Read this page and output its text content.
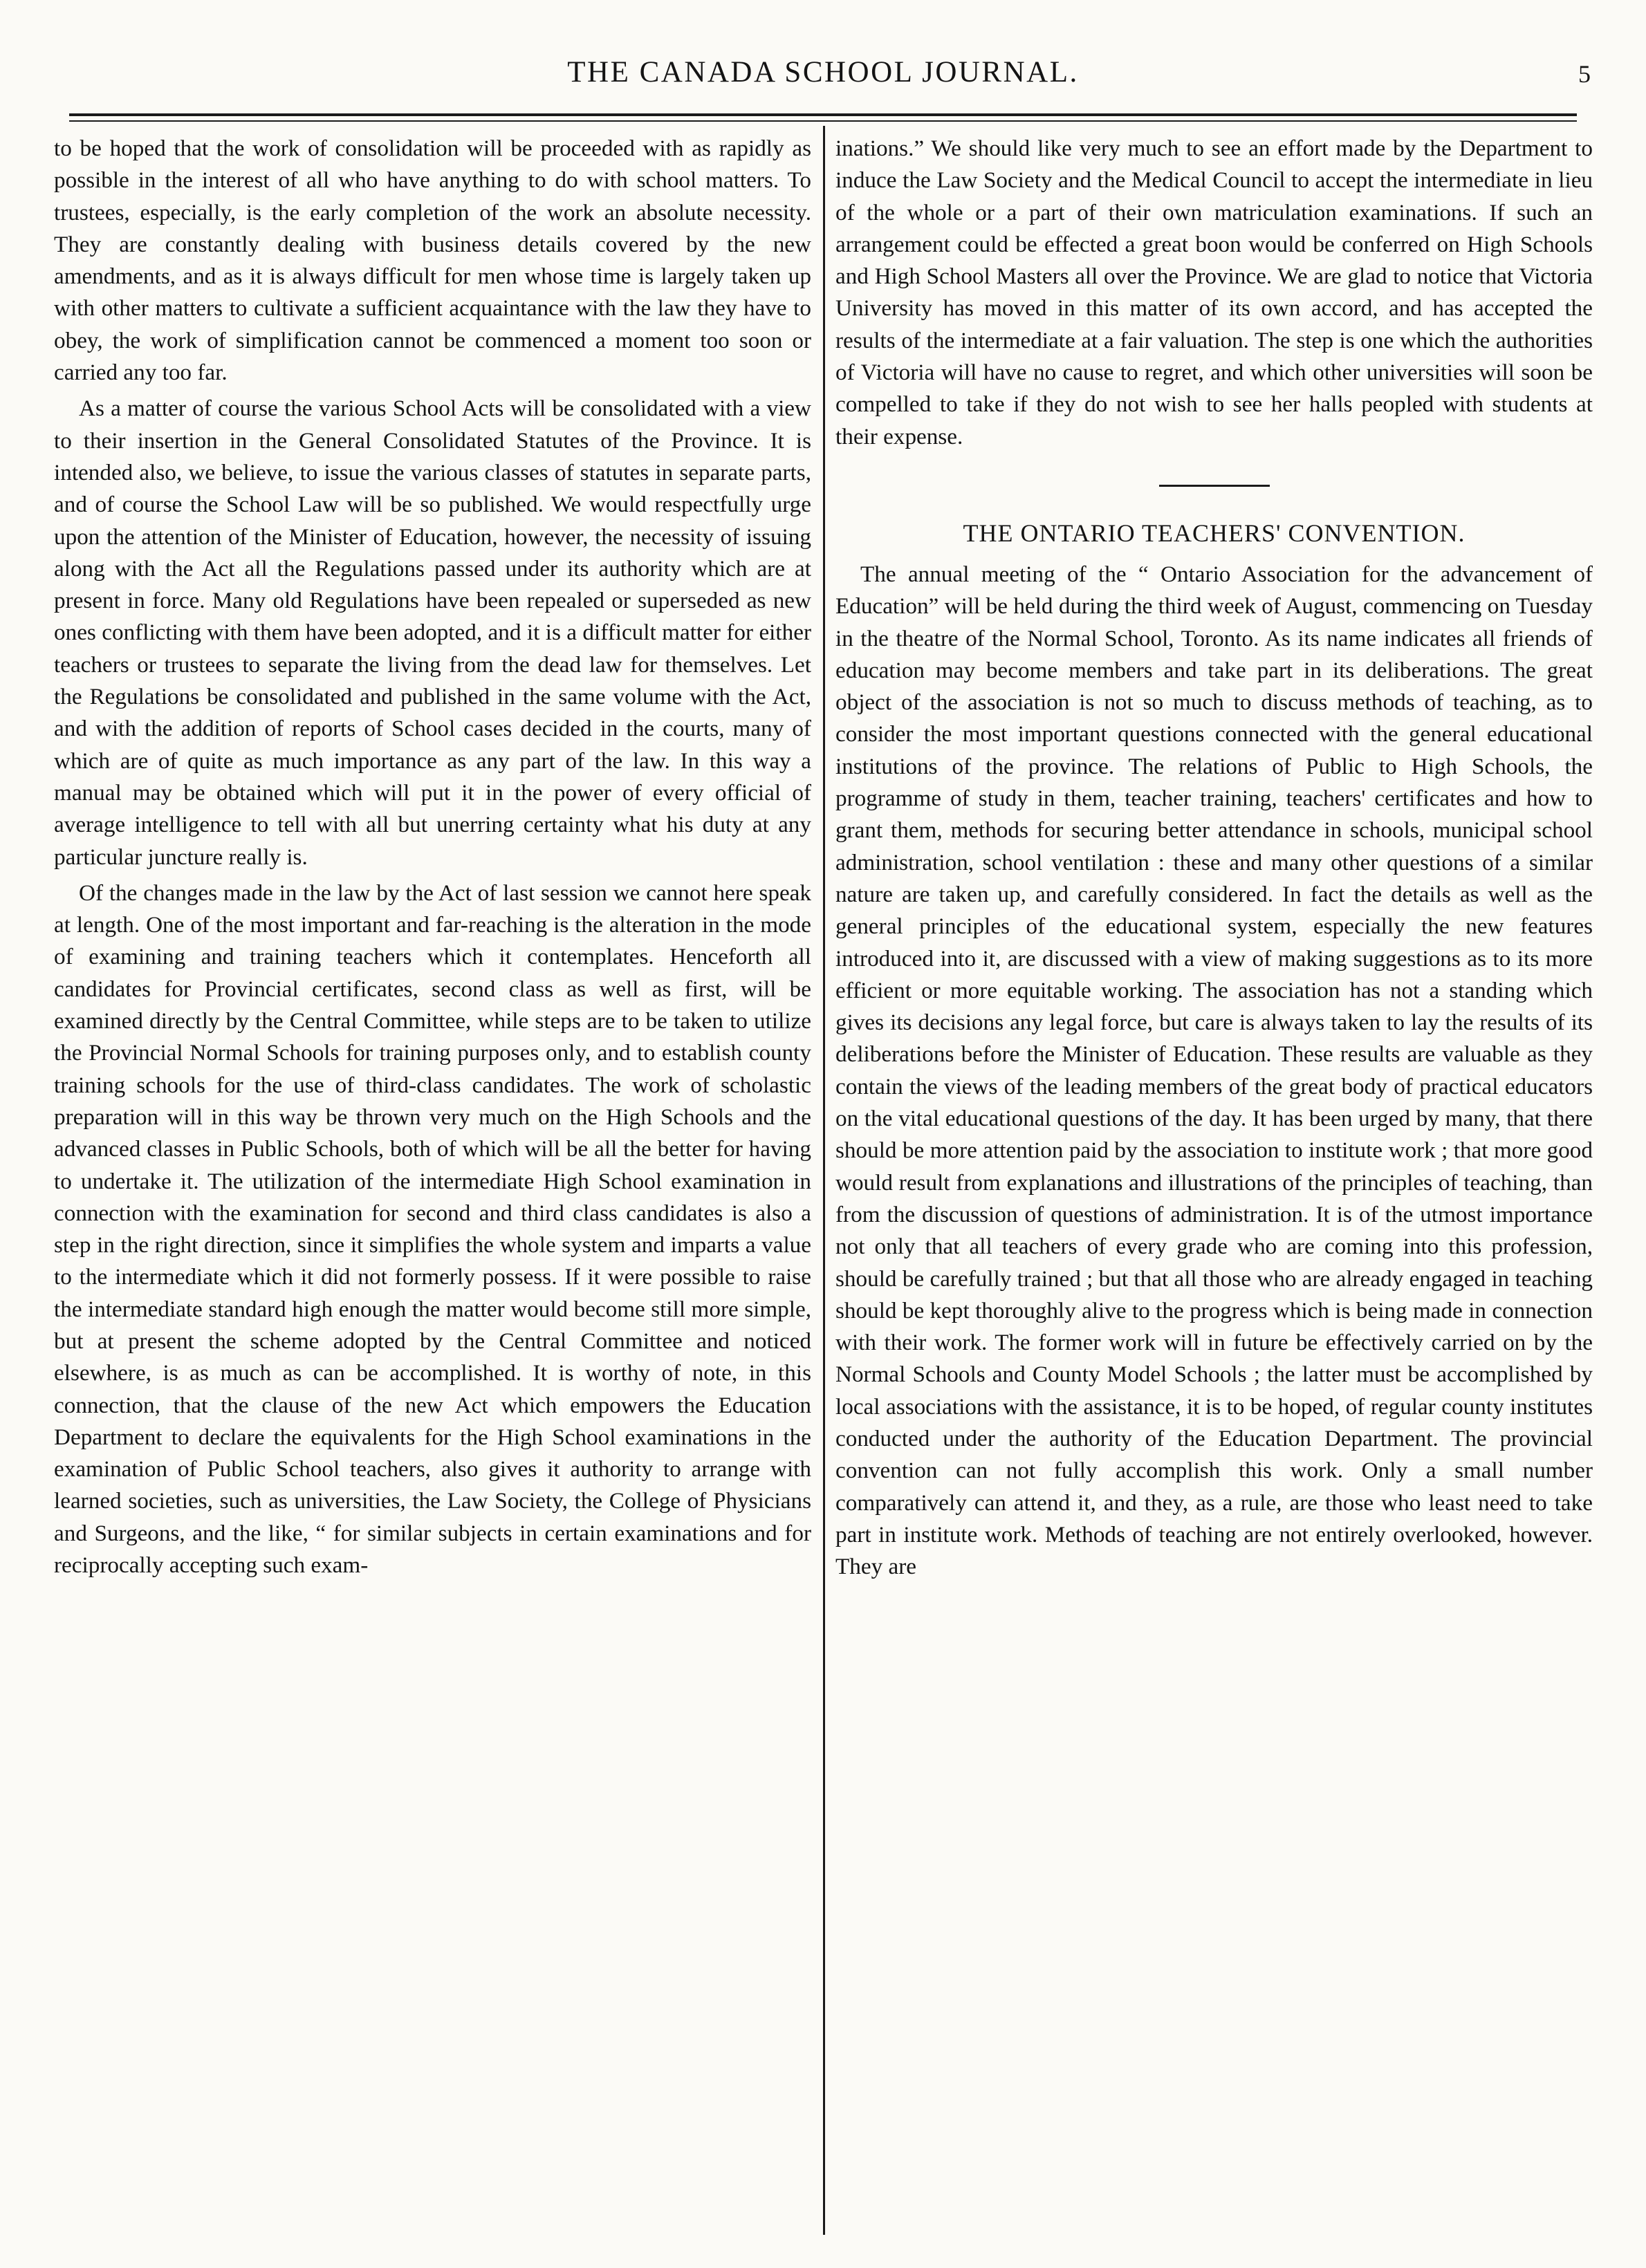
THE CANADA SCHOOL JOURNAL.	5

to be hoped that the work of consolidation will be proceeded with as rapidly as possible in the interest of all who have anything to do with school matters. To trustees, especially, is the early completion of the work an absolute necessity. They are constantly dealing with business details covered by the new amendments, and as it is always difficult for men whose time is largely taken up with other matters to cultivate a sufficient acquaintance with the law they have to obey, the work of simplification cannot be commenced a moment too soon or carried any too far.

As a matter of course the various School Acts will be consolidated with a view to their insertion in the General Consolidated Statutes of the Province. It is intended also, we believe, to issue the various classes of statutes in separate parts, and of course the School Law will be so published. We would respectfully urge upon the attention of the Minister of Education, however, the necessity of issuing along with the Act all the Regulations passed under its authority which are at present in force. Many old Regulations have been repealed or superseded as new ones conflicting with them have been adopted, and it is a difficult matter for either teachers or trustees to separate the living from the dead law for themselves. Let the Regulations be consolidated and published in the same volume with the Act, and with the addition of reports of School cases decided in the courts, many of which are of quite as much importance as any part of the law. In this way a manual may be obtained which will put it in the power of every official of average intelligence to tell with all but unerring certainty what his duty at any particular juncture really is.

Of the changes made in the law by the Act of last session we cannot here speak at length. One of the most important and far-reaching is the alteration in the mode of examining and training teachers which it contemplates. Henceforth all candidates for Provincial certificates, second class as well as first, will be examined directly by the Central Committee, while steps are to be taken to utilize the Provincial Normal Schools for training purposes only, and to establish county training schools for the use of third-class candidates. The work of scholastic preparation will in this way be thrown very much on the High Schools and the advanced classes in Public Schools, both of which will be all the better for having to undertake it. The utilization of the intermediate High School examination in connection with the examination for second and third class candidates is also a step in the right direction, since it simplifies the whole system and imparts a value to the intermediate which it did not formerly possess. If it were possible to raise the intermediate standard high enough the matter would become still more simple, but at present the scheme adopted by the Central Committee and noticed elsewhere, is as much as can be accomplished. It is worthy of note, in this connection, that the clause of the new Act which empowers the Education Department to declare the equivalents for the High School examinations in the examination of Public School teachers, also gives it authority to arrange with learned societies, such as universities, the Law Society, the College of Physicians and Surgeons, and the like, “ for similar subjects in certain examinations and for reciprocally accepting such exam-

inations.” We should like very much to see an effort made by the Department to induce the Law Society and the Medical Council to accept the intermediate in lieu of the whole or a part of their own matriculation examinations. If such an arrangement could be effected a great boon would be conferred on High Schools and High School Masters all over the Province. We are glad to notice that Victoria University has moved in this matter of its own accord, and has accepted the results of the intermediate at a fair valuation. The step is one which the authorities of Victoria will have no cause to regret, and which other universities will soon be compelled to take if they do not wish to see her halls peopled with students at their expense.

THE ONTARIO TEACHERS' CONVENTION.

The annual meeting of the “ Ontario Association for the advancement of Education” will be held during the third week of August, commencing on Tuesday in the theatre of the Normal School, Toronto. As its name indicates all friends of education may become members and take part in its deliberations. The great object of the association is not so much to discuss methods of teaching, as to consider the most important questions connected with the general educational institutions of the province. The relations of Public to High Schools, the programme of study in them, teacher training, teachers' certificates and how to grant them, methods for securing better attendance in schools, municipal school administration, school ventilation : these and many other questions of a similar nature are taken up, and carefully considered. In fact the details as well as the general principles of the educational system, especially the new features introduced into it, are discussed with a view of making suggestions as to its more efficient or more equitable working. The association has not a standing which gives its decisions any legal force, but care is always taken to lay the results of its deliberations before the Minister of Education. These results are valuable as they contain the views of the leading members of the great body of practical educators on the vital educational questions of the day. It has been urged by many, that there should be more attention paid by the association to institute work ; that more good would result from explanations and illustrations of the principles of teaching, than from the discussion of questions of administration. It is of the utmost importance not only that all teachers of every grade who are coming into this profession, should be carefully trained ; but that all those who are already engaged in teaching should be kept thoroughly alive to the progress which is being made in connection with their work. The former work will in future be effectively carried on by the Normal Schools and County Model Schools ; the latter must be accomplished by local associations with the assistance, it is to be hoped, of regular county institutes conducted under the authority of the Education Department. The provincial convention can not fully accomplish this work. Only a small number comparatively can attend it, and they, as a rule, are those who least need to take part in institute work. Methods of teaching are not entirely overlooked, however. They are
